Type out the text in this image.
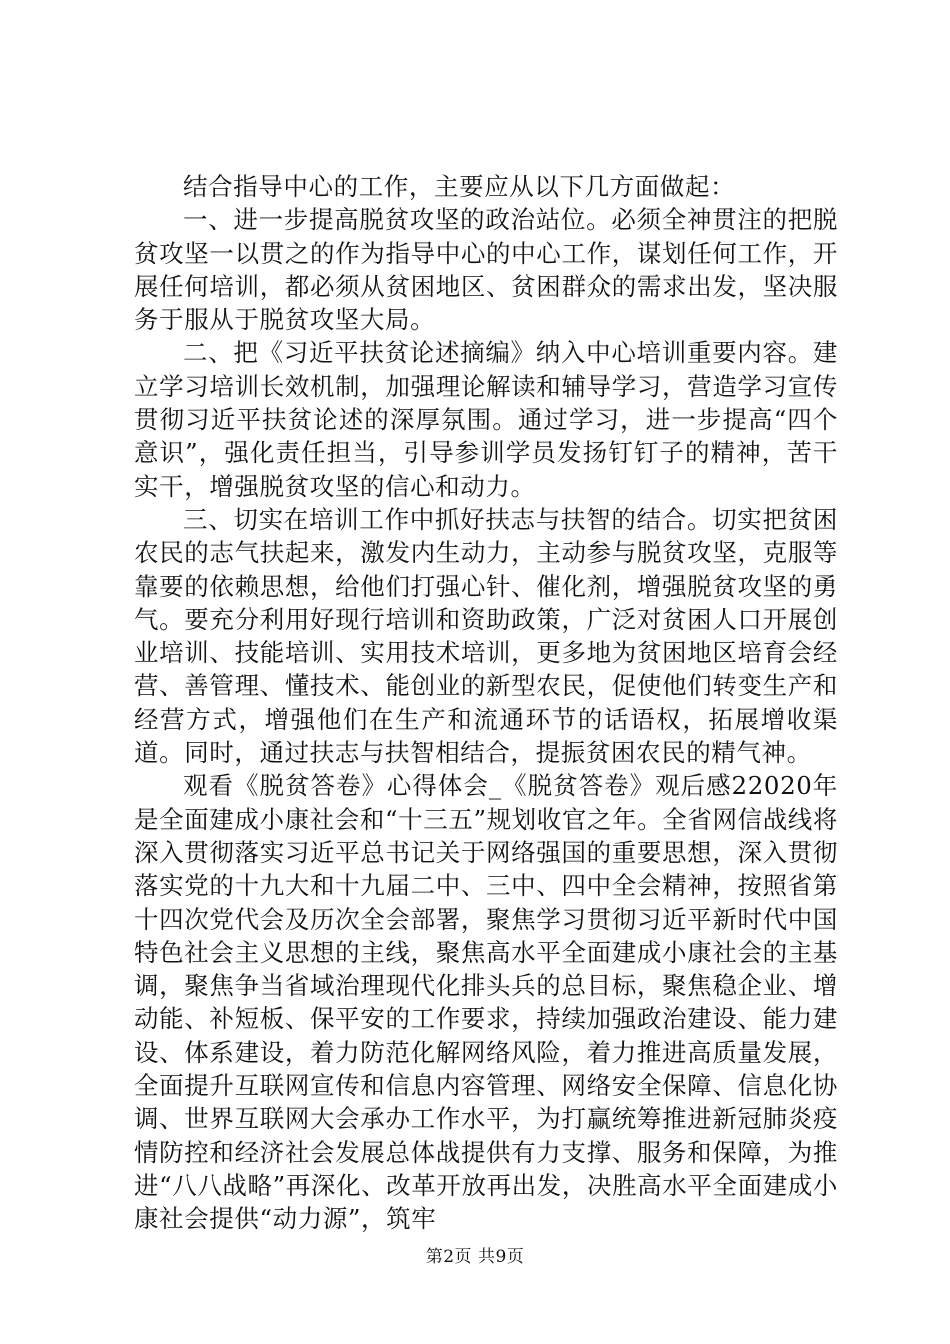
结合指导中心的工作，主要应从以下几方面做起：

一、进一步提高脱贫攻坚的政治站位。必须全神贯注的把脱贫攻坚一以贯之的作为指导中心的中心工作，谋划任何工作，开展任何培训，都必须从贫困地区、贫困群众的需求出发，坚决服务于服从于脱贫攻坚大局。

二、把《习近平扶贫论述摘编》纳入中心培训重要内容。建立学习培训长效机制，加强理论解读和辅导学习，营造学习宣传贯彻习近平扶贫论述的深厚氛围。通过学习，进一步提高“四个意识”，强化责任担当，引导参训学员发扬钉钉子的精神，苦干实干，增强脱贫攻坚的信心和动力。

三、切实在培训工作中抓好扶志与扶智的结合。切实把贫困农民的志气扶起来，激发内生动力，主动参与脱贫攻坚，克服等靠要的依赖思想，给他们打强心针、催化剂，增强脱贫攻坚的勇气。要充分利用好现行培训和资助政策，广泛对贫困人口开展创业培训、技能培训、实用技术培训，更多地为贫困地区培育会经营、善管理、懂技术、能创业的新型农民，促使他们转变生产和经营方式，增强他们在生产和流通环节的话语权，拓展增收渠道。同时，通过扶志与扶智相结合，提振贫困农民的精气神。

观看《脱贫答卷》心得体会_《脱贫答卷》观后感22020年是全面建成小康社会和“十三五”规划收官之年。全省网信战线将深入贯彻落实习近平总书记关于网络强国的重要思想，深入贯彻落实党的十九大和十九届二中、三中、四中全会精神，按照省第十四次党代会及历次全会部署，聚焦学习贯彻习近平新时代中国特色社会主义思想的主线，聚焦高水平全面建成小康社会的主基调，聚焦争当省域治理现代化排头兵的总目标，聚焦稳企业、增动能、补短板、保平安的工作要求，持续加强政治建设、能力建设、体系建设，着力防范化解网络风险，着力推进高质量发展，全面提升互联网宣传和信息内容管理、网络安全保障、信息化协调、世界互联网大会承办工作水平，为打赢统筹推进新冠肺炎疫情防控和经济社会发展总体战提供有力支撑、服务和保障，为推进“八八战略”再深化、改革开放再出发，决胜高水平全面建成小康社会提供“动力源”，筑牢

第2页 共9页
